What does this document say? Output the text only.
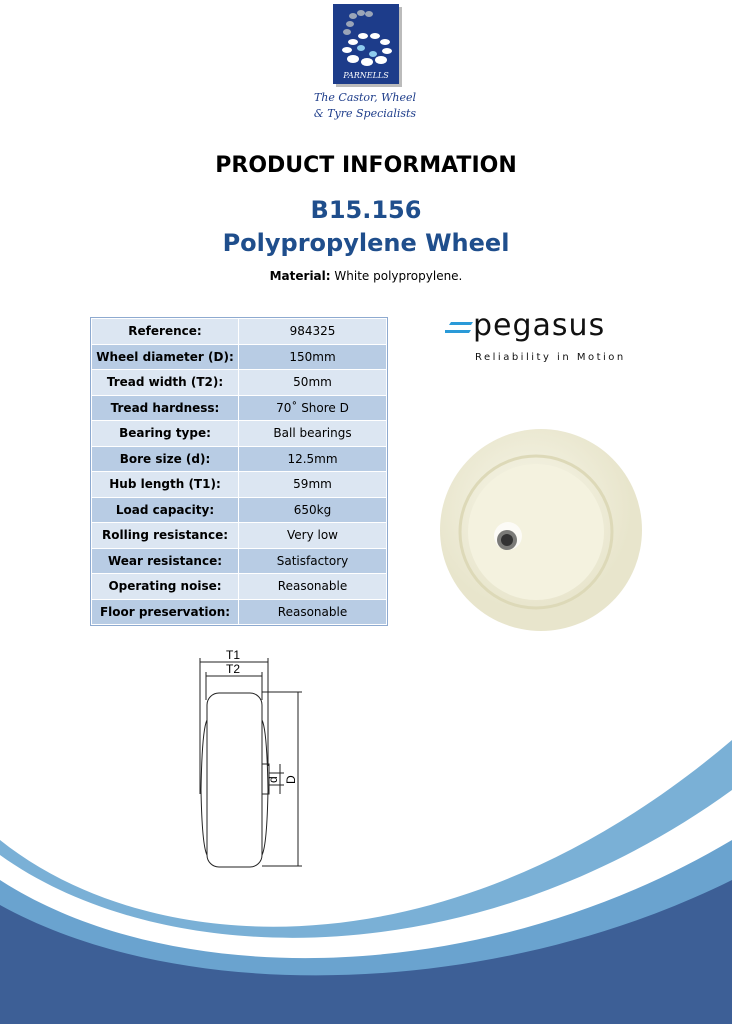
PARNELLS
The Castor, Wheel
& Tyre Specialists
PRODUCT INFORMATION
B15.156
Polypropylene Wheel
Material: White polypropylene.
Reference:	984325
Wheel diameter (D):	150mm
Tread width (T2):	50mm
Tread hardness:	70˚ Shore D
Bearing type:	Ball bearings
Bore size (d):	12.5mm
Hub length (T1):	59mm
Load capacity:	650kg
Rolling resistance:	Very low
Wear resistance:	Satisfactory
Operating noise:	Reasonable
Floor preservation:	Reasonable
pegasus
Reliability in Motion
T1
T2
d D
